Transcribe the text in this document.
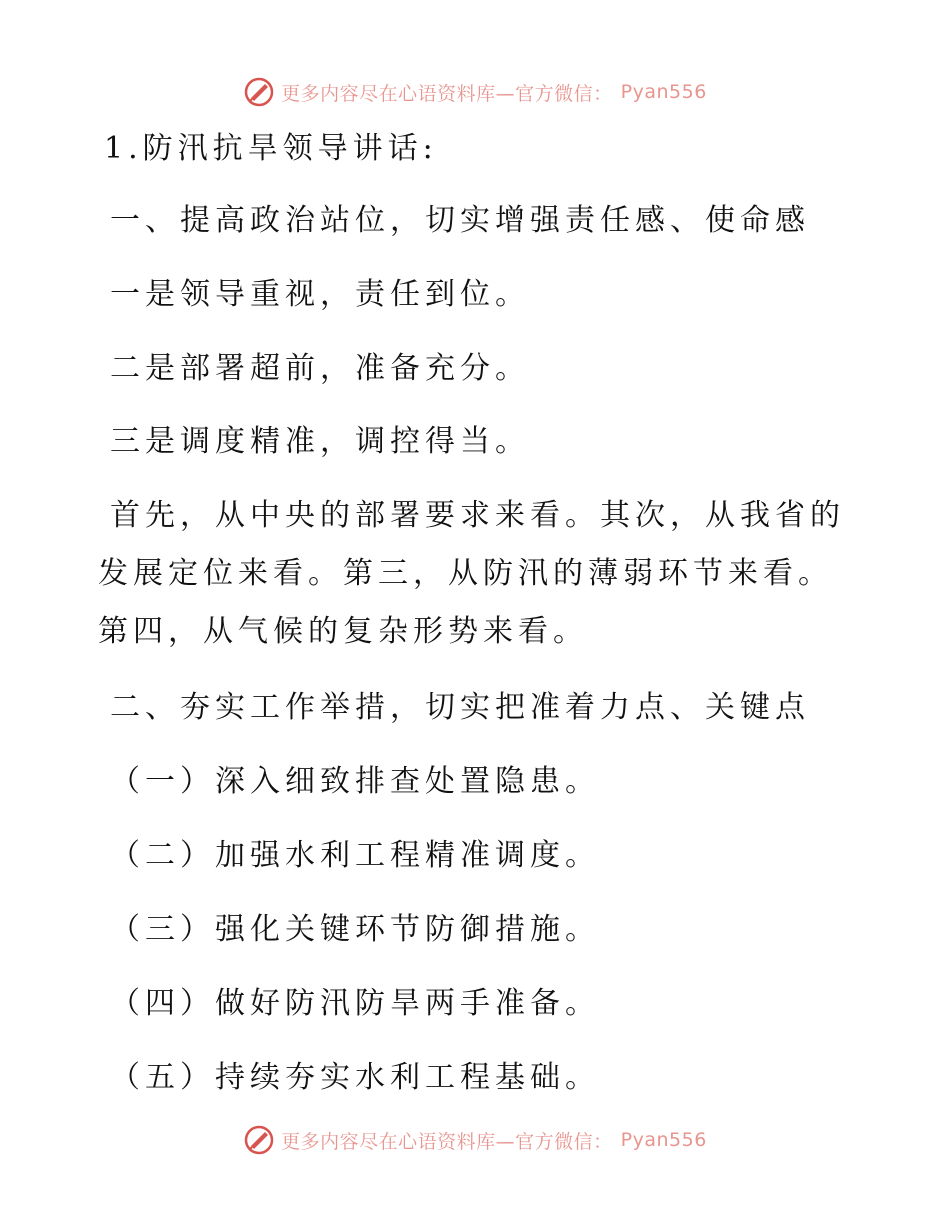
更多内容尽在心语资料库—官方微信： Pyan556
1.防汛抗旱领导讲话:
一、提高政治站位，切实增强责任感、使命感
一是领导重视，责任到位。
二是部署超前，准备充分。
三是调度精准，调控得当。
首先，从中央的部署要求来看。其次，从我省的发展定位来看。第三，从防汛的薄弱环节来看。第四，从气候的复杂形势来看。
二、夯实工作举措，切实把准着力点、关键点
（一）深入细致排查处置隐患。
（二）加强水利工程精准调度。
（三）强化关键环节防御措施。
（四）做好防汛防旱两手准备。
（五）持续夯实水利工程基础。
更多内容尽在心语资料库—官方微信： Pyan556
